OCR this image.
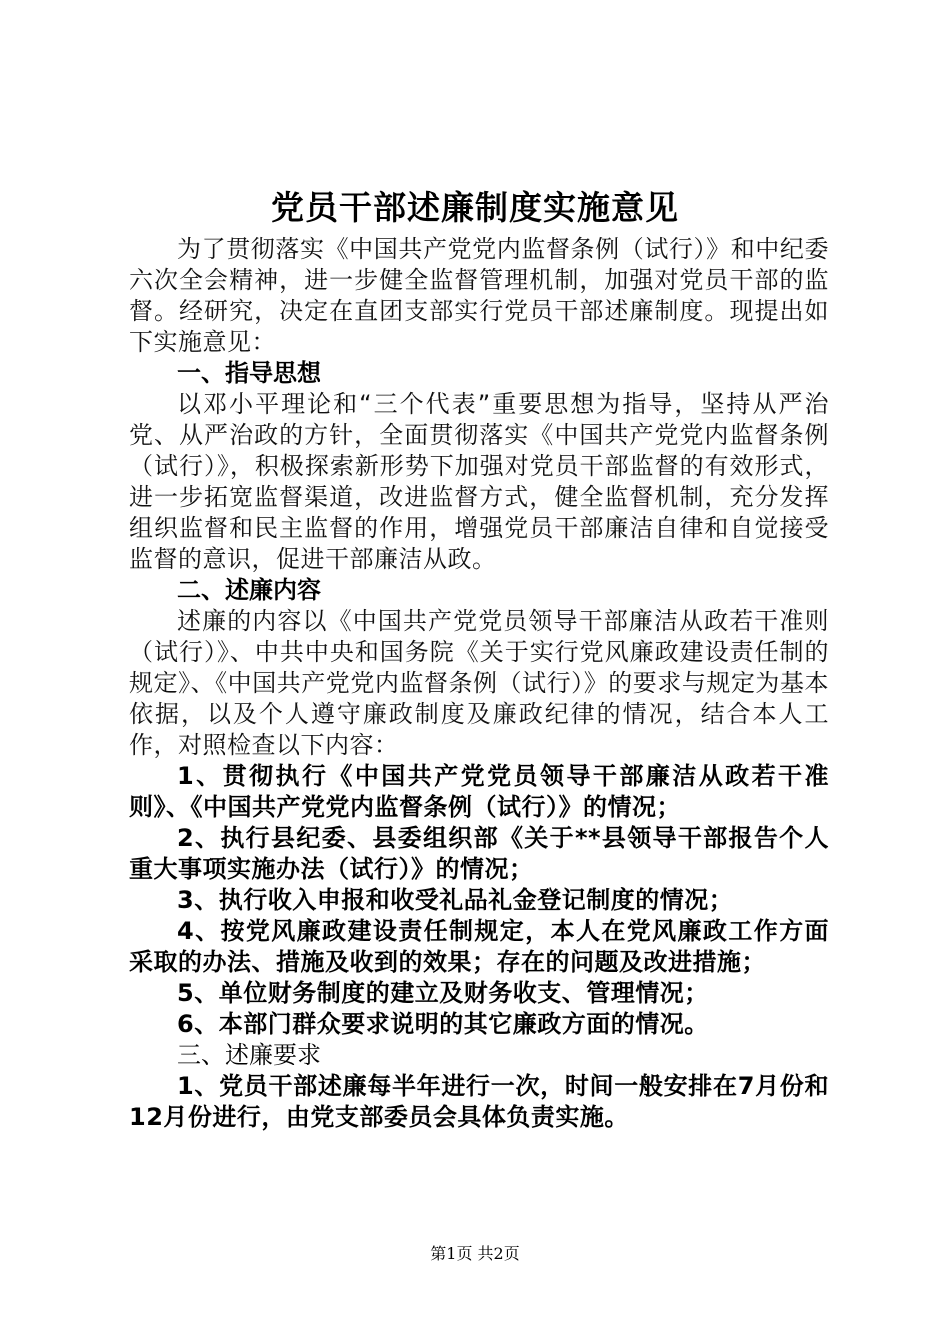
党员干部述廉制度实施意见

为了贯彻落实《中国共产党党内监督条例（试行）》和中纪委六次全会精神，进一步健全监督管理机制，加强对党员干部的监督。经研究，决定在直团支部实行党员干部述廉制度。现提出如下实施意见：

一、指导思想

以邓小平理论和“三个代表”重要思想为指导，坚持从严治党、从严治政的方针，全面贯彻落实《中国共产党党内监督条例（试行）》，积极探索新形势下加强对党员干部监督的有效形式，进一步拓宽监督渠道，改进监督方式，健全监督机制，充分发挥组织监督和民主监督的作用，增强党员干部廉洁自律和自觉接受监督的意识，促进干部廉洁从政。

二、述廉内容

述廉的内容以《中国共产党党员领导干部廉洁从政若干准则（试行）》、中共中央和国务院《关于实行党风廉政建设责任制的规定》、《中国共产党党内监督条例（试行）》的要求与规定为基本依据，以及个人遵守廉政制度及廉政纪律的情况，结合本人工作，对照检查以下内容：

1、贯彻执行《中国共产党党员领导干部廉洁从政若干准则》、《中国共产党党内监督条例（试行）》的情况；

2、执行县纪委、县委组织部《关于**县领导干部报告个人重大事项实施办法（试行）》的情况；

3、执行收入申报和收受礼品礼金登记制度的情况；

4、按党风廉政建设责任制规定，本人在党风廉政工作方面采取的办法、措施及收到的效果；存在的问题及改进措施；

5、单位财务制度的建立及财务收支、管理情况；

6、本部门群众要求说明的其它廉政方面的情况。

三、述廉要求

1、党员干部述廉每半年进行一次，时间一般安排在7月份和12月份进行，由党支部委员会具体负责实施。

第1页 共2页
